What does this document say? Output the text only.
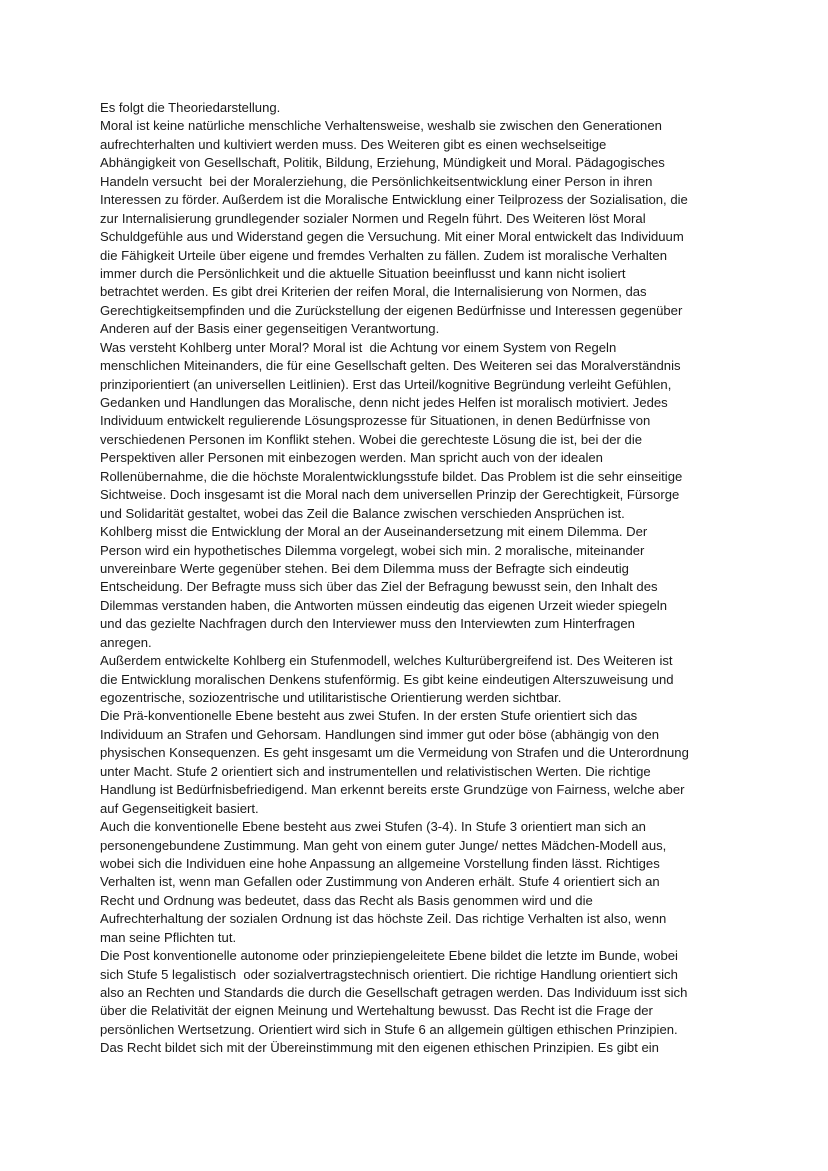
Es folgt die Theoriedarstellung.
Moral ist keine natürliche menschliche Verhaltensweise, weshalb sie zwischen den Generationen
aufrechterhalten und kultiviert werden muss. Des Weiteren gibt es einen wechselseitige
Abhängigkeit von Gesellschaft, Politik, Bildung, Erziehung, Mündigkeit und Moral. Pädagogisches
Handeln versucht  bei der Moralerziehung, die Persönlichkeitsentwicklung einer Person in ihren
Interessen zu förder. Außerdem ist die Moralische Entwicklung einer Teilprozess der Sozialisation, die
zur Internalisierung grundlegender sozialer Normen und Regeln führt. Des Weiteren löst Moral
Schuldgefühle aus und Widerstand gegen die Versuchung. Mit einer Moral entwickelt das Individuum
die Fähigkeit Urteile über eigene und fremdes Verhalten zu fällen. Zudem ist moralische Verhalten
immer durch die Persönlichkeit und die aktuelle Situation beeinflusst und kann nicht isoliert
betrachtet werden. Es gibt drei Kriterien der reifen Moral, die Internalisierung von Normen, das
Gerechtigkeitsempfinden und die Zurückstellung der eigenen Bedürfnisse und Interessen gegenüber
Anderen auf der Basis einer gegenseitigen Verantwortung.
Was versteht Kohlberg unter Moral? Moral ist  die Achtung vor einem System von Regeln
menschlichen Miteinanders, die für eine Gesellschaft gelten. Des Weiteren sei das Moralverständnis
prinziporientiert (an universellen Leitlinien). Erst das Urteil/kognitive Begründung verleiht Gefühlen,
Gedanken und Handlungen das Moralische, denn nicht jedes Helfen ist moralisch motiviert. Jedes
Individuum entwickelt regulierende Lösungsprozesse für Situationen, in denen Bedürfnisse von
verschiedenen Personen im Konflikt stehen. Wobei die gerechteste Lösung die ist, bei der die
Perspektiven aller Personen mit einbezogen werden. Man spricht auch von der idealen
Rollenübernahme, die die höchste Moralentwicklungsstufe bildet. Das Problem ist die sehr einseitige
Sichtweise. Doch insgesamt ist die Moral nach dem universellen Prinzip der Gerechtigkeit, Fürsorge
und Solidarität gestaltet, wobei das Zeil die Balance zwischen verschieden Ansprüchen ist.
Kohlberg misst die Entwicklung der Moral an der Auseinandersetzung mit einem Dilemma. Der
Person wird ein hypothetisches Dilemma vorgelegt, wobei sich min. 2 moralische, miteinander
unvereinbare Werte gegenüber stehen. Bei dem Dilemma muss der Befragte sich eindeutig
Entscheidung. Der Befragte muss sich über das Ziel der Befragung bewusst sein, den Inhalt des
Dilemmas verstanden haben, die Antworten müssen eindeutig das eigenen Urzeit wieder spiegeln
und das gezielte Nachfragen durch den Interviewer muss den Interviewten zum Hinterfragen
anregen.
Außerdem entwickelte Kohlberg ein Stufenmodell, welches Kulturübergreifend ist. Des Weiteren ist
die Entwicklung moralischen Denkens stufenförmig. Es gibt keine eindeutigen Alterszuweisung und
egozentrische, soziozentrische und utilitaristische Orientierung werden sichtbar.
Die Prä-konventionelle Ebene besteht aus zwei Stufen. In der ersten Stufe orientiert sich das
Individuum an Strafen und Gehorsam. Handlungen sind immer gut oder böse (abhängig von den
physischen Konsequenzen. Es geht insgesamt um die Vermeidung von Strafen und die Unterordnung
unter Macht. Stufe 2 orientiert sich and instrumentellen und relativistischen Werten. Die richtige
Handlung ist Bedürfnisbefriedigend. Man erkennt bereits erste Grundzüge von Fairness, welche aber
auf Gegenseitigkeit basiert.
Auch die konventionelle Ebene besteht aus zwei Stufen (3-4). In Stufe 3 orientiert man sich an
personengebundene Zustimmung. Man geht von einem guter Junge/ nettes Mädchen-Modell aus,
wobei sich die Individuen eine hohe Anpassung an allgemeine Vorstellung finden lässt. Richtiges
Verhalten ist, wenn man Gefallen oder Zustimmung von Anderen erhält. Stufe 4 orientiert sich an
Recht und Ordnung was bedeutet, dass das Recht als Basis genommen wird und die
Aufrechterhaltung der sozialen Ordnung ist das höchste Zeil. Das richtige Verhalten ist also, wenn
man seine Pflichten tut.
Die Post konventionelle autonome oder prinziepiengeleitete Ebene bildet die letzte im Bunde, wobei
sich Stufe 5 legalistisch  oder sozialvertragstechnisch orientiert. Die richtige Handlung orientiert sich
also an Rechten und Standards die durch die Gesellschaft getragen werden. Das Individuum isst sich
über die Relativität der eignen Meinung und Wertehaltung bewusst. Das Recht ist die Frage der
persönlichen Wertsetzung. Orientiert wird sich in Stufe 6 an allgemein gültigen ethischen Prinzipien.
Das Recht bildet sich mit der Übereinstimmung mit den eigenen ethischen Prinzipien. Es gibt ein
